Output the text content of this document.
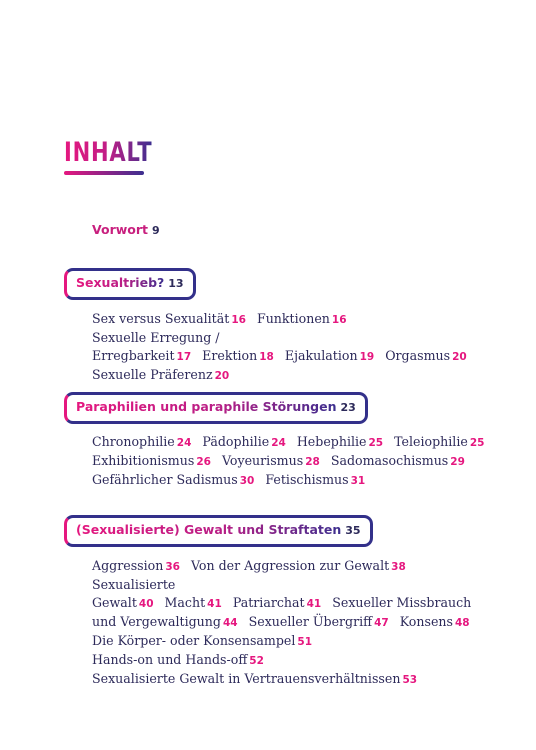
INHALT
Vorwort 9
Sexualtrieb? 13
Sex versus Sexualität 16 Funktionen 16 Sexuelle Erregung /
Erregbarkeit 17 Erektion 18 Ejakulation 19 Orgasmus 20
Sexuelle Präferenz 20
Paraphilien und paraphile Störungen 23
Chronophilie 24 Pädophilie 24 Hebephilie 25 Teleiophilie 25
Exhibitionismus 26 Voyeurismus 28 Sadomasochismus 29
Gefährlicher Sadismus 30 Fetischismus 31
(Sexualisierte) Gewalt und Straftaten 35
Aggression 36 Von der Aggression zur Gewalt 38 Sexualisierte
Gewalt 40 Macht 41 Patriarchat 41 Sexueller Missbrauch
und Vergewaltigung 44 Sexueller Übergriff 47 Konsens 48
Die Körper- oder Konsensampel 51 Hands-on und Hands-off 52
Sexualisierte Gewalt in Vertrauensverhältnissen 53
